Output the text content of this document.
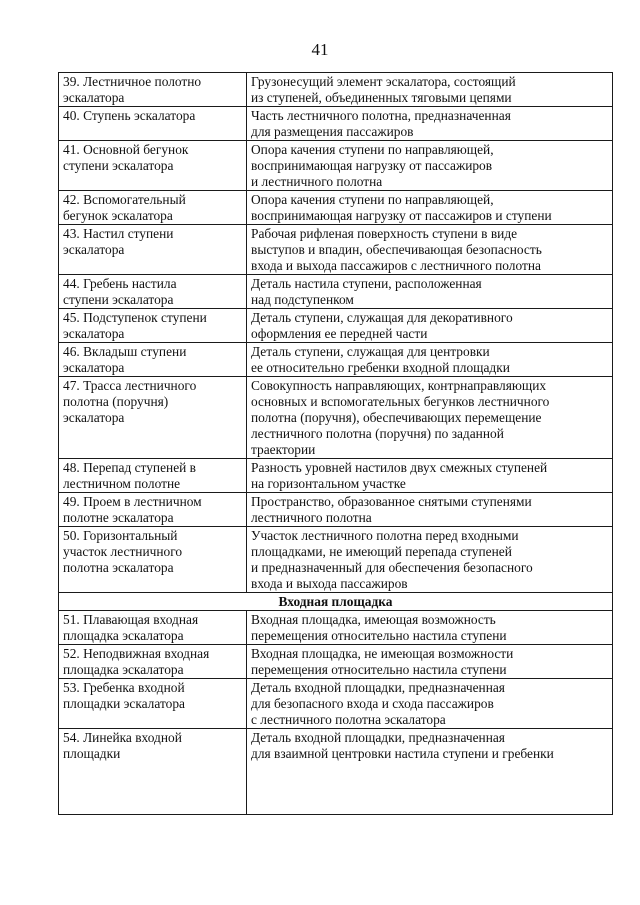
41
39. Лестничное полотно
эскалатора	Грузонесущий элемент эскалатора, состоящий
из ступеней, объединенных тяговыми цепями

40. Ступень эскалатора	Часть лестничного полотна, предназначенная
для размещения пассажиров

41. Основной бегунок
ступени эскалатора	Опора качения ступени по направляющей,
воспринимающая нагрузку от пассажиров
и лестничного полотна

42. Вспомогательный
бегунок эскалатора	Опора качения ступени по направляющей,
воспринимающая нагрузку от пассажиров и ступени

43. Настил ступени
эскалатора	Рабочая рифленая поверхность ступени в виде
выступов и впадин, обеспечивающая безопасность
входа и выхода пассажиров с лестничного полотна

44. Гребень настила
ступени эскалатора	Деталь настила ступени, расположенная
над подступенком

45. Подступенок ступени
эскалатора	Деталь ступени, служащая для декоративного
оформления ее передней части

46. Вкладыш ступени
эскалатора	Деталь ступени, служащая для центровки
ее относительно гребенки входной площадки

47. Трасса лестничного
полотна (поручня)
эскалатора	Совокупность направляющих, контрнаправляющих
основных и вспомогательных бегунков лестничного
полотна (поручня), обеспечивающих перемещение
лестничного полотна (поручня) по заданной
траектории

48. Перепад ступеней в
лестничном полотне	Разность уровней настилов двух смежных ступеней
на горизонтальном участке

49. Проем в лестничном
полотне эскалатора	Пространство, образованное снятыми ступенями
лестничного полотна

50. Горизонтальный
участок лестничного
полотна эскалатора	Участок лестничного полотна перед входными
площадками, не имеющий перепада ступеней
и предназначенный для обеспечения безопасного
входа и выхода пассажиров

Входная площадка	

51. Плавающая входная
площадка эскалатора	Входная площадка, имеющая возможность
перемещения относительно настила ступени

52. Неподвижная входная
площадка эскалатора	Входная площадка, не имеющая возможности
перемещения относительно настила ступени

53. Гребенка входной
площадки эскалатора	Деталь входной площадки, предназначенная
для безопасного входа и схода пассажиров
с лестничного полотна эскалатора

54. Линейка входной
площадки	Деталь входной площадки, предназначенная
для взаимной центровки настила ступени и гребенки
